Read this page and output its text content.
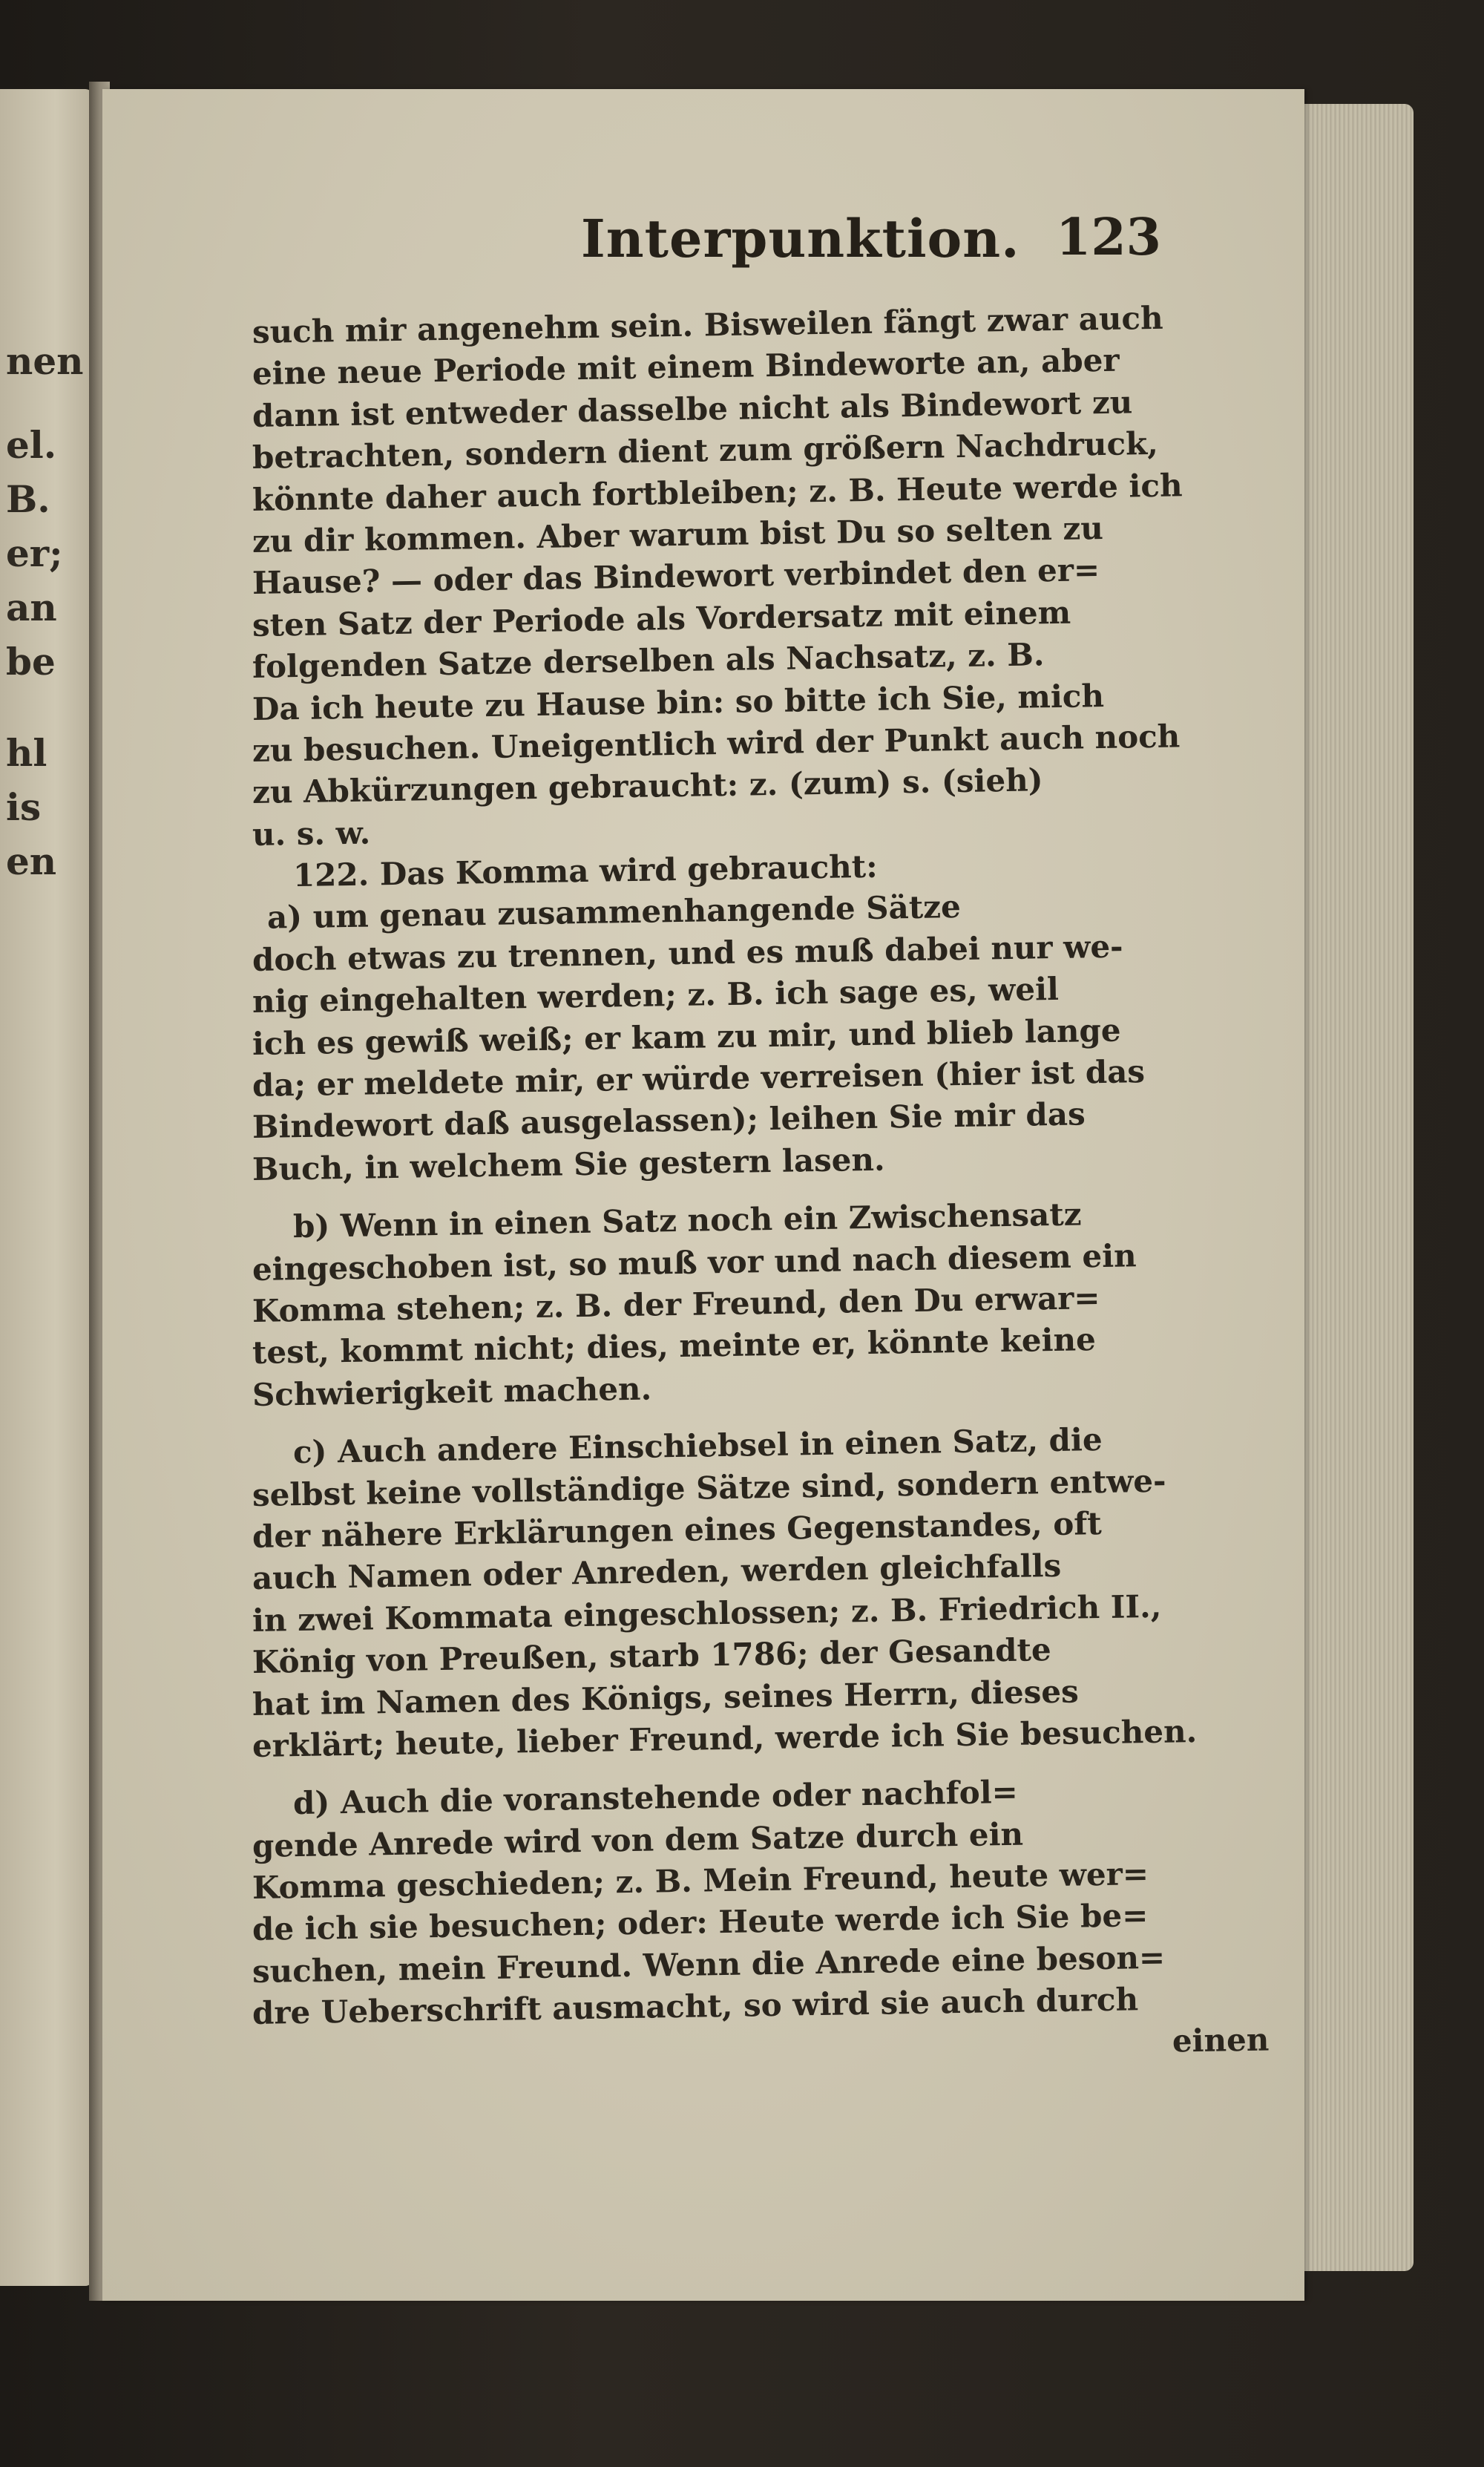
nen
el.
B.
er;
an
be
hl
is
en
Interpunktion. 123
such mir angenehm sein. Bisweilen fängt zwar auch
eine neue Periode mit einem Bindeworte an, aber
dann ist entweder dasselbe nicht als Bindewort zu
betrachten, sondern dient zum größern Nachdruck,
könnte daher auch fortbleiben; z. B. Heute werde ich
zu dir kommen. Aber warum bist Du so selten zu
Hause? — oder das Bindewort verbindet den er=
sten Satz der Periode als Vordersatz mit einem
folgenden Satze derselben als Nachsatz, z. B.
Da ich heute zu Hause bin: so bitte ich Sie, mich
zu besuchen. Uneigentlich wird der Punkt auch noch
zu Abkürzungen gebraucht: z. (zum) s. (sieh)
u. s. w.
122. Das Komma wird gebraucht:
a) um genau zusammenhangende Sätze
doch etwas zu trennen, und es muß dabei nur we-
nig eingehalten werden; z. B. ich sage es, weil
ich es gewiß weiß; er kam zu mir, und blieb lange
da; er meldete mir, er würde verreisen (hier ist das
Bindewort daß ausgelassen); leihen Sie mir das
Buch, in welchem Sie gestern lasen.
b) Wenn in einen Satz noch ein Zwischensatz
eingeschoben ist, so muß vor und nach diesem ein
Komma stehen; z. B. der Freund, den Du erwar=
test, kommt nicht; dies, meinte er, könnte keine
Schwierigkeit machen.
c) Auch andere Einschiebsel in einen Satz, die
selbst keine vollständige Sätze sind, sondern entwe-
der nähere Erklärungen eines Gegenstandes, oft
auch Namen oder Anreden, werden gleichfalls
in zwei Kommata eingeschlossen; z. B. Friedrich II.,
König von Preußen, starb 1786; der Gesandte
hat im Namen des Königs, seines Herrn, dieses
erklärt; heute, lieber Freund, werde ich Sie besuchen.
d) Auch die voranstehende oder nachfol=
gende Anrede wird von dem Satze durch ein
Komma geschieden; z. B. Mein Freund, heute wer=
de ich sie besuchen; oder: Heute werde ich Sie be=
suchen, mein Freund. Wenn die Anrede eine beson=
dre Ueberschrift ausmacht, so wird sie auch durch
einen
